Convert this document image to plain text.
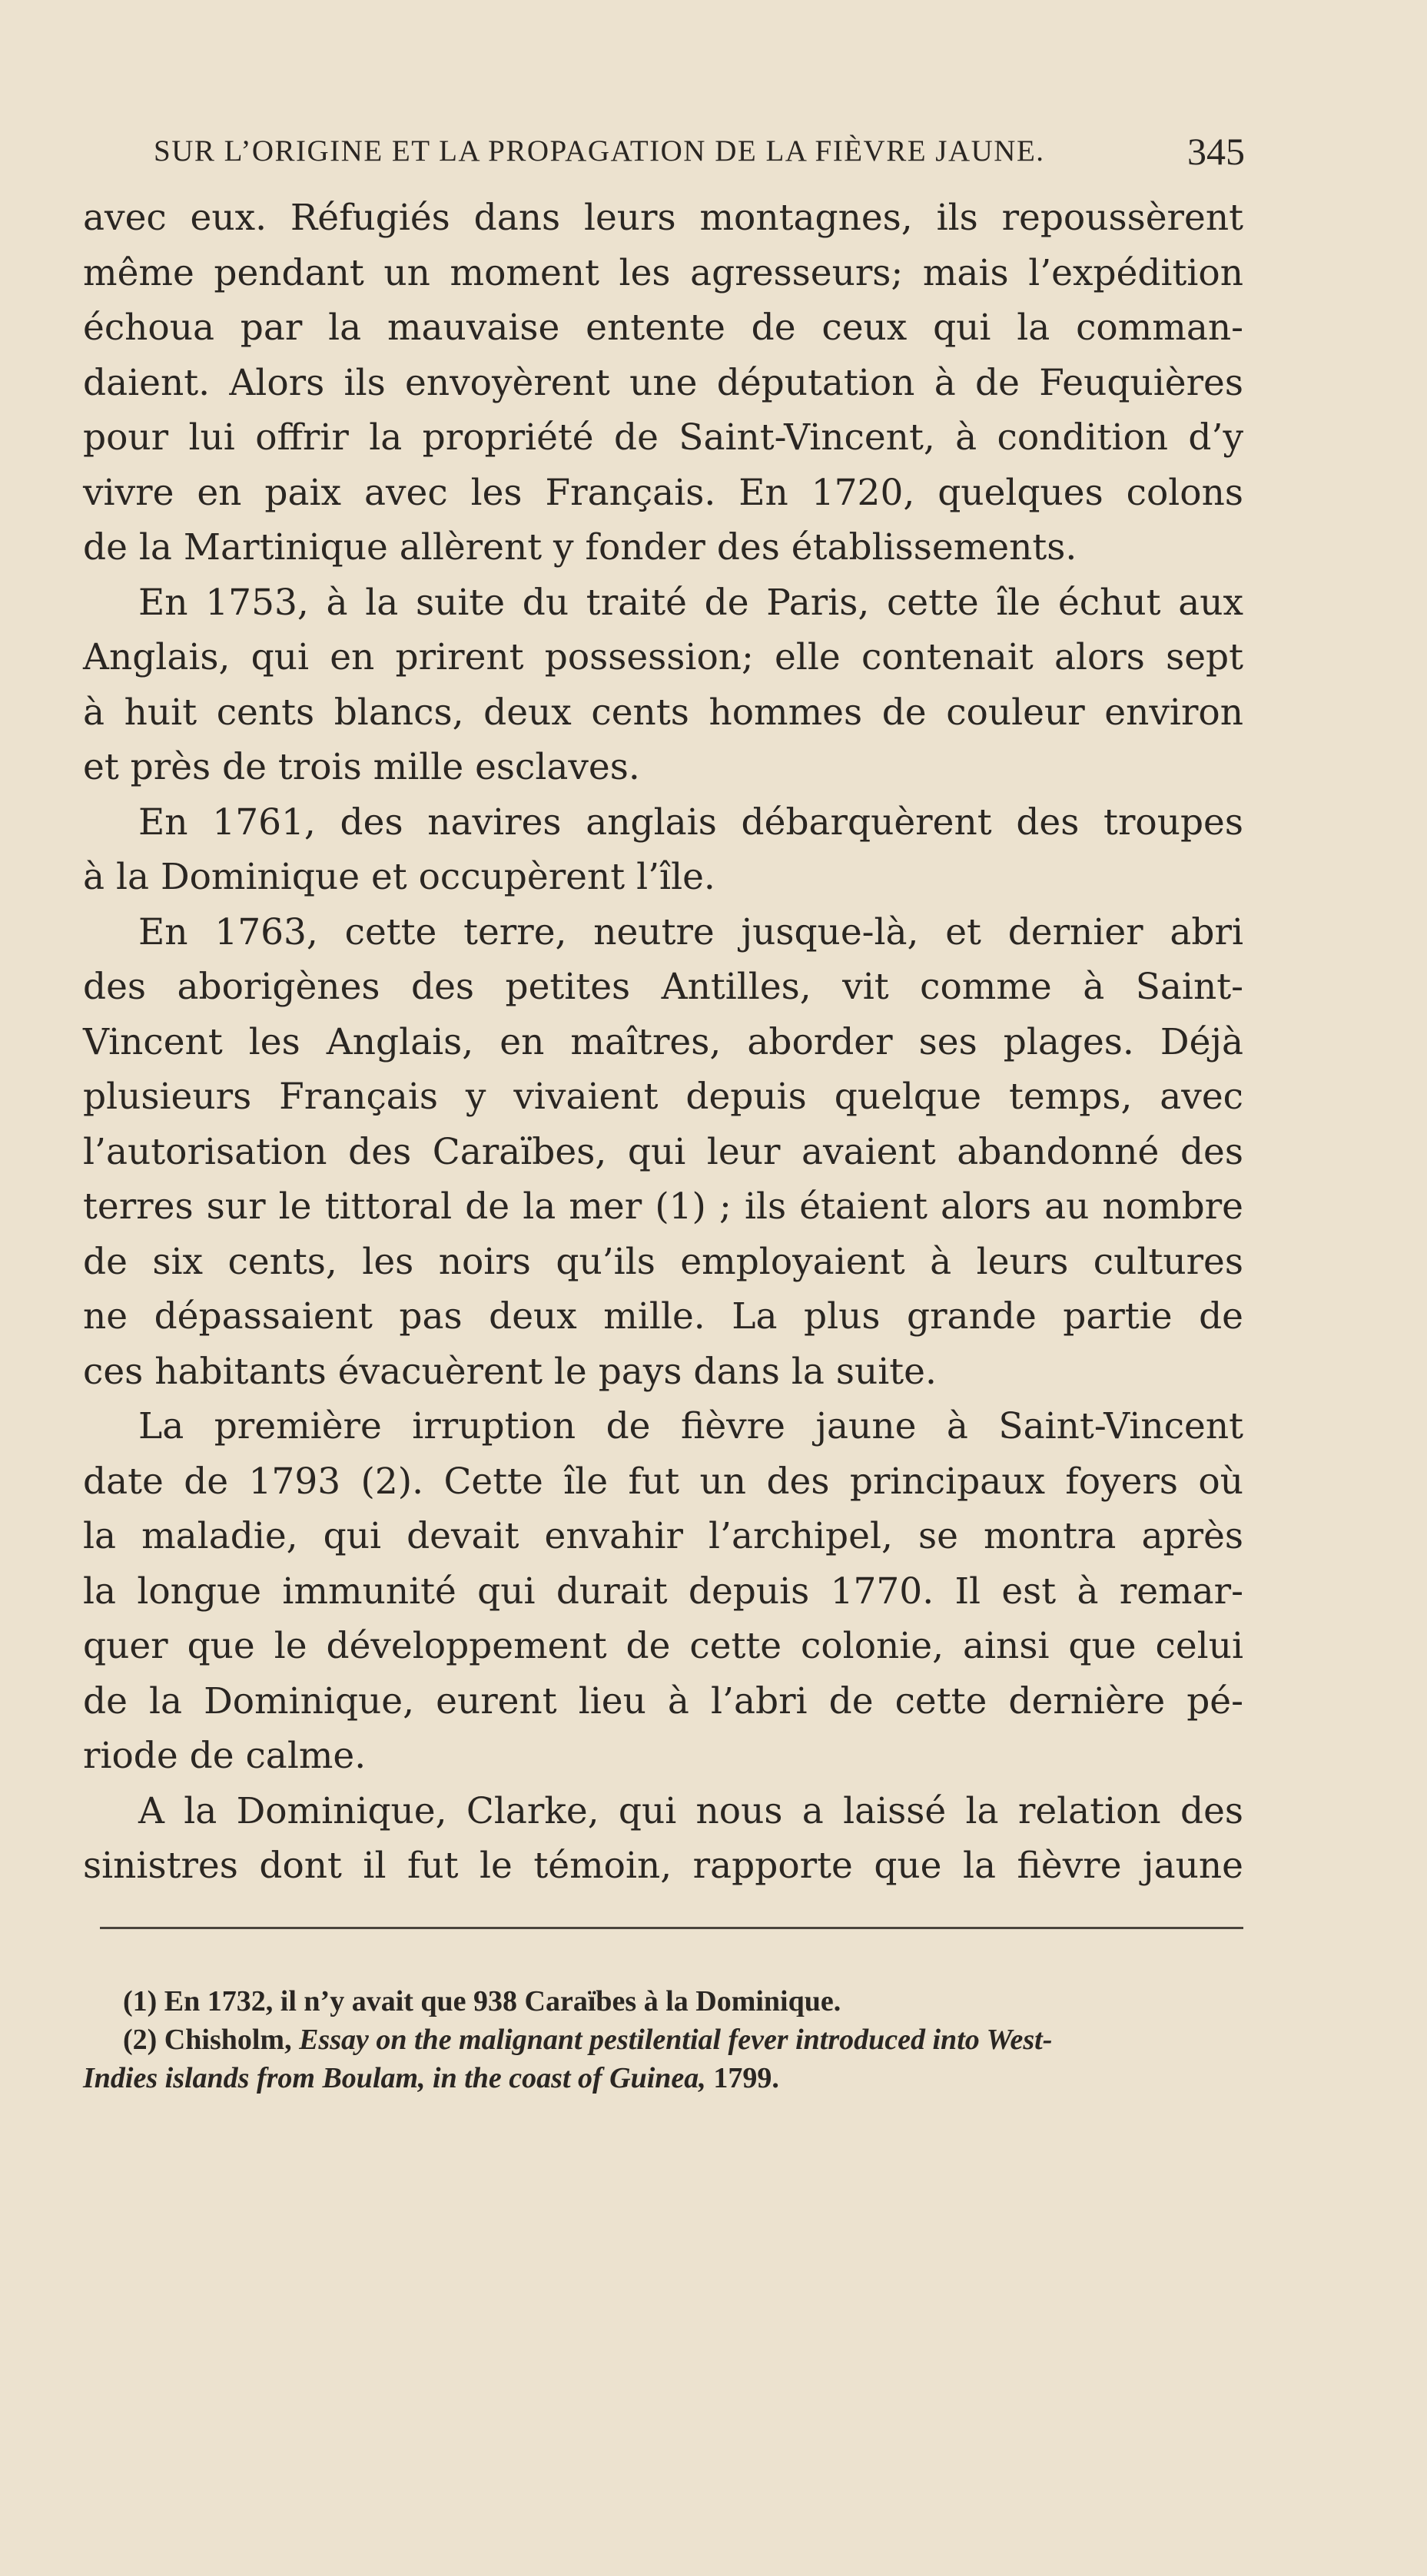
SUR L’ORIGINE ET LA PROPAGATION DE LA FIÈVRE JAUNE.	345
avec eux. Réfugiés dans leurs montagnes, ils repoussèrent
même pendant un moment les agresseurs; mais l’expédition
échoua par la mauvaise entente de ceux qui la comman-
daient. Alors ils envoyèrent une députation à de Feuquières
pour lui offrir la propriété de Saint-Vincent, à condition d’y
vivre en paix avec les Français. En 1720, quelques colons
de la Martinique allèrent y fonder des établissements.
En 1753, à la suite du traité de Paris, cette île échut aux
Anglais, qui en prirent possession; elle contenait alors sept
à huit cents blancs, deux cents hommes de couleur environ
et près de trois mille esclaves.
En 1761, des navires anglais débarquèrent des troupes
à la Dominique et occupèrent l’île.
En 1763, cette terre, neutre jusque-là, et dernier abri
des aborigènes des petites Antilles, vit comme à Saint-
Vincent les Anglais, en maîtres, aborder ses plages. Déjà
plusieurs Français y vivaient depuis quelque temps, avec
l’autorisation des Caraïbes, qui leur avaient abandonné des
terres sur le tittoral de la mer (1) ; ils étaient alors au nombre
de six cents, les noirs qu’ils employaient à leurs cultures
ne dépassaient pas deux mille. La plus grande partie de
ces habitants évacuèrent le pays dans la suite.
La première irruption de fièvre jaune à Saint-Vincent
date de 1793 (2). Cette île fut un des principaux foyers où
la maladie, qui devait envahir l’archipel, se montra après
la longue immunité qui durait depuis 1770. Il est à remar-
quer que le développement de cette colonie, ainsi que celui
de la Dominique, eurent lieu à l’abri de cette dernière pé-
riode de calme.
A la Dominique, Clarke, qui nous a laissé la relation des
sinistres dont il fut le témoin, rapporte que la fièvre jaune
(1) En 1732, il n’y avait que 938 Caraïbes à la Dominique.
(2) Chisholm, Essay on the malignant pestilential fever introduced into West-
Indies islands from Boulam, in the coast of Guinea, 1799.
